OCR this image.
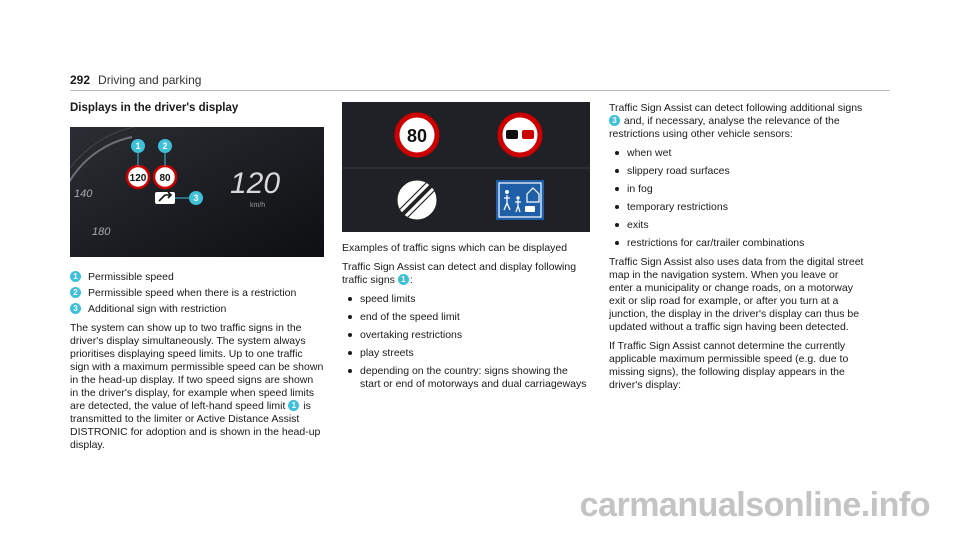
292 Driving and parking

Displays in the driver's display

140
180
120 80
1 2
3 120
km/h
1 Permissible speed
2 Permissible speed when there is a restriction
3 Additional sign with restriction

The system can show up to two traffic signs in the driver's display simultaneously. The system always prioritises displaying speed limits. Up to one traffic sign with a maximum permissible speed can be shown in the head-up display. If two speed signs are shown in the driver's display, for example when speed limits are detected, the value of left-hand speed limit 1 is transmitted to the limiter or Active Distance Assist DISTRONIC for adoption and is shown in the head-up display.

80

Examples of traffic signs which can be displayed

Traffic Sign Assist can detect and display following traffic signs 1 :

speed limits
end of the speed limit
overtaking restrictions
play streets
depending on the country: signs showing the start or end of motorways and dual carriageways

Traffic Sign Assist can detect following additional signs 3 and, if necessary, analyse the relevance of the restrictions using other vehicle sensors:

when wet
slippery road surfaces
in fog
temporary restrictions
exits
restrictions for car/trailer combinations

Traffic Sign Assist also uses data from the digital street map in the navigation system. When you leave or enter a municipality or change roads, on a motorway exit or slip road for example, or after you turn at a junction, the display in the driver's display can thus be updated without a traffic sign having been detected.

If Traffic Sign Assist cannot determine the currently applicable maximum permissible speed (e.g. due to missing signs), the following display appears in the driver's display:

carmanualsonline.info
